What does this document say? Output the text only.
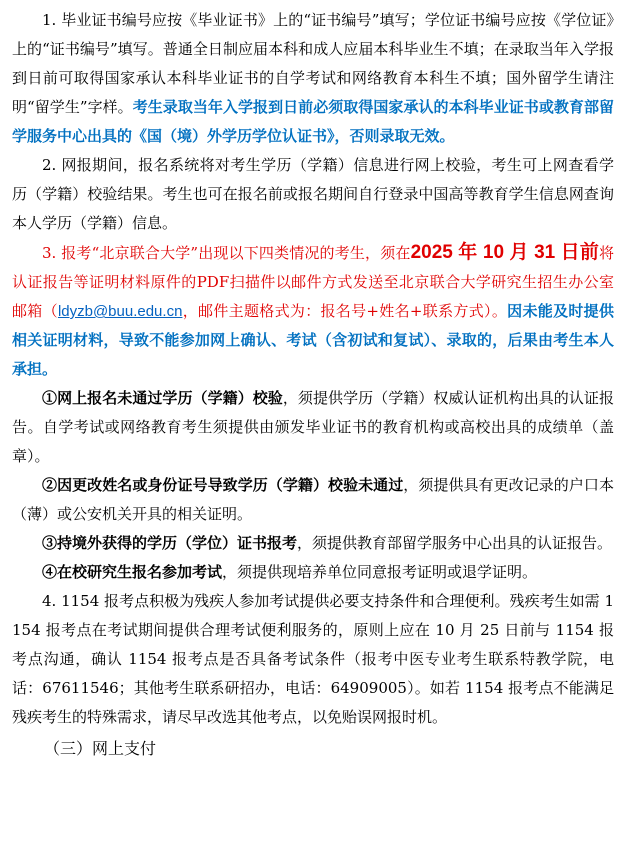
1. 毕业证书编号应按《毕业证书》上的“证书编号”填写；学位证书编号应按《学位证》上的“证书编号”填写。普通全日制应届本科和成人应届本科毕业生不填；在录取当年入学报到日前可取得国家承认本科毕业证书的自学考试和网络教育本科生不填；国外留学生请注明“留学生”字样。考生录取当年入学报到日前必须取得国家承认的本科毕业证书或教育部留学服务中心出具的《国（境）外学历学位认证书》，否则录取无效。

2. 网报期间，报名系统将对考生学历（学籍）信息进行网上校验，考生可上网查看学历（学籍）校验结果。考生也可在报名前或报名期间自行登录中国高等教育学生信息网查询本人学历（学籍）信息。

3. 报考“北京联合大学”出现以下四类情况的考生，须在2025 年 10 月 31 日前将认证报告等证明材料原件的PDF扫描件以邮件方式发送至北京联合大学研究生招生办公室邮箱（ldyzb@buu.edu.cn，邮件主题格式为：报名号+姓名+联系方式）。因未能及时提供相关证明材料，导致不能参加网上确认、考试（含初试和复试）、录取的，后果由考生本人承担。

①网上报名未通过学历（学籍）校验，须提供学历（学籍）权威认证机构出具的认证报告。自学考试或网络教育考生须提供由颁发毕业证书的教育机构或高校出具的成绩单（盖章）。

②因更改姓名或身份证号导致学历（学籍）校验未通过，须提供具有更改记录的户口本（薄）或公安机关开具的相关证明。

③持境外获得的学历（学位）证书报考，须提供教育部留学服务中心出具的认证报告。

④在校研究生报名参加考试，须提供现培养单位同意报考证明或退学证明。

4. 1154 报考点积极为残疾人参加考试提供必要支持条件和合理便利。残疾考生如需 1154 报考点在考试期间提供合理考试便利服务的，原则上应在 10 月 25 日前与 1154 报考点沟通，确认 1154 报考点是否具备考试条件（报考中医专业考生联系特教学院，电话：67611546；其他考生联系研招办，电话：64909005）。如若 1154 报考点不能满足残疾考生的特殊需求，请尽早改选其他考点，以免贻误网报时机。

（三）网上支付
